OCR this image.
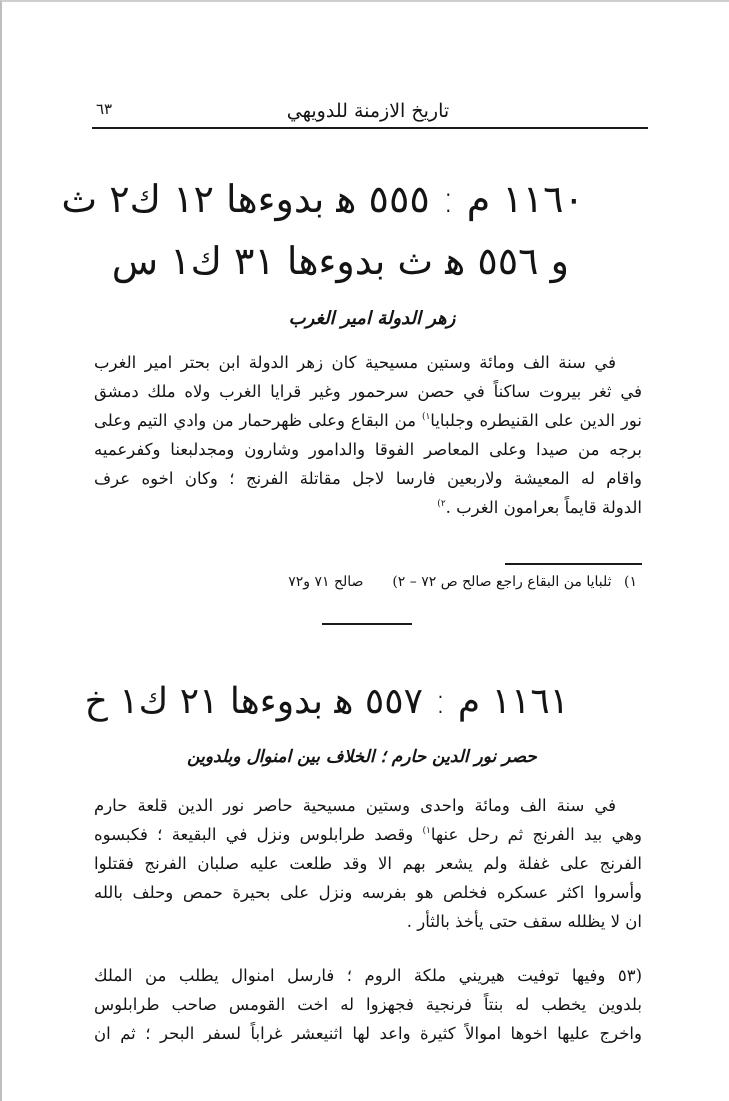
تاريخ الازمنة للدويهي
٦٣
١١٦٠ م : ٥٥٥ ﻫ بدوءها ١٢ ك٢ ث
و ٥٥٦ ﻫ ث بدوءها ٣١ ك١ س
زهر الدولة امير الغرب
في سنة الف ومائة وستين مسيحية كان زهر الدولة ابن بحتر امير الغرب
في ثغر بيروت ساكناً في حصن سرحمور وغير قرايا الغرب ولاه ملك دمشق
نور الدين على القنيطره وجلبايا$^{١)}$ من البقاع وعلى ظهرحمار من وادي التيم وعلى
برجه من صيدا وعلى المعاصر الفوقا والدامور وشارون ومجدلبعنا وكفرعميه
واقام له المعيشة ولاربعين فارسا لاجل مقاتلة الفرنج ؛ وكان اخوه عرف
الدولة قايماً بعرامون الغرب .$^{٢)}$
١) ثلبايا من البقاع راجع صالح ص ٧٢ – ٢)  صالح ٧١ و٧٢
١١٦١ م : ٥٥٧ ﻫ بدوءها ٢١ ك١ خ
حصر نور الدين حارم ؛ الخلاف بين امنوال وبلدوين
في سنة الف ومائة واحدى وستين مسيحية حاصر نور الدين قلعة حارم
وهي بيد الفرنج ثم رحل عنها$^{١)}$ وقصد طرابلوس ونزل في البقيعة ؛ فكبسوه
الفرنج على غفلة ولم يشعر بهم الا وقد طلعت عليه صلبان الفرنج فقتلوا
وأسروا اكثر عسكره فخلص هو بفرسه ونزل على بحيرة حمص وحلف بالله
ان لا يظلله سقف حتى يأخذ بالثأر .
(٥٣ وفيها توفيت هيريني ملكة الروم ؛ فارسل امنوال يطلب من الملك
بلدوين يخطب له بنتاً فرنجية فجهزوا له اخت القومس صاحب طرابلوس
واخرج عليها اخوها اموالاً كثيرة واعد لها اثنيعشر غراباً لسفر البحر ؛ ثم ان
